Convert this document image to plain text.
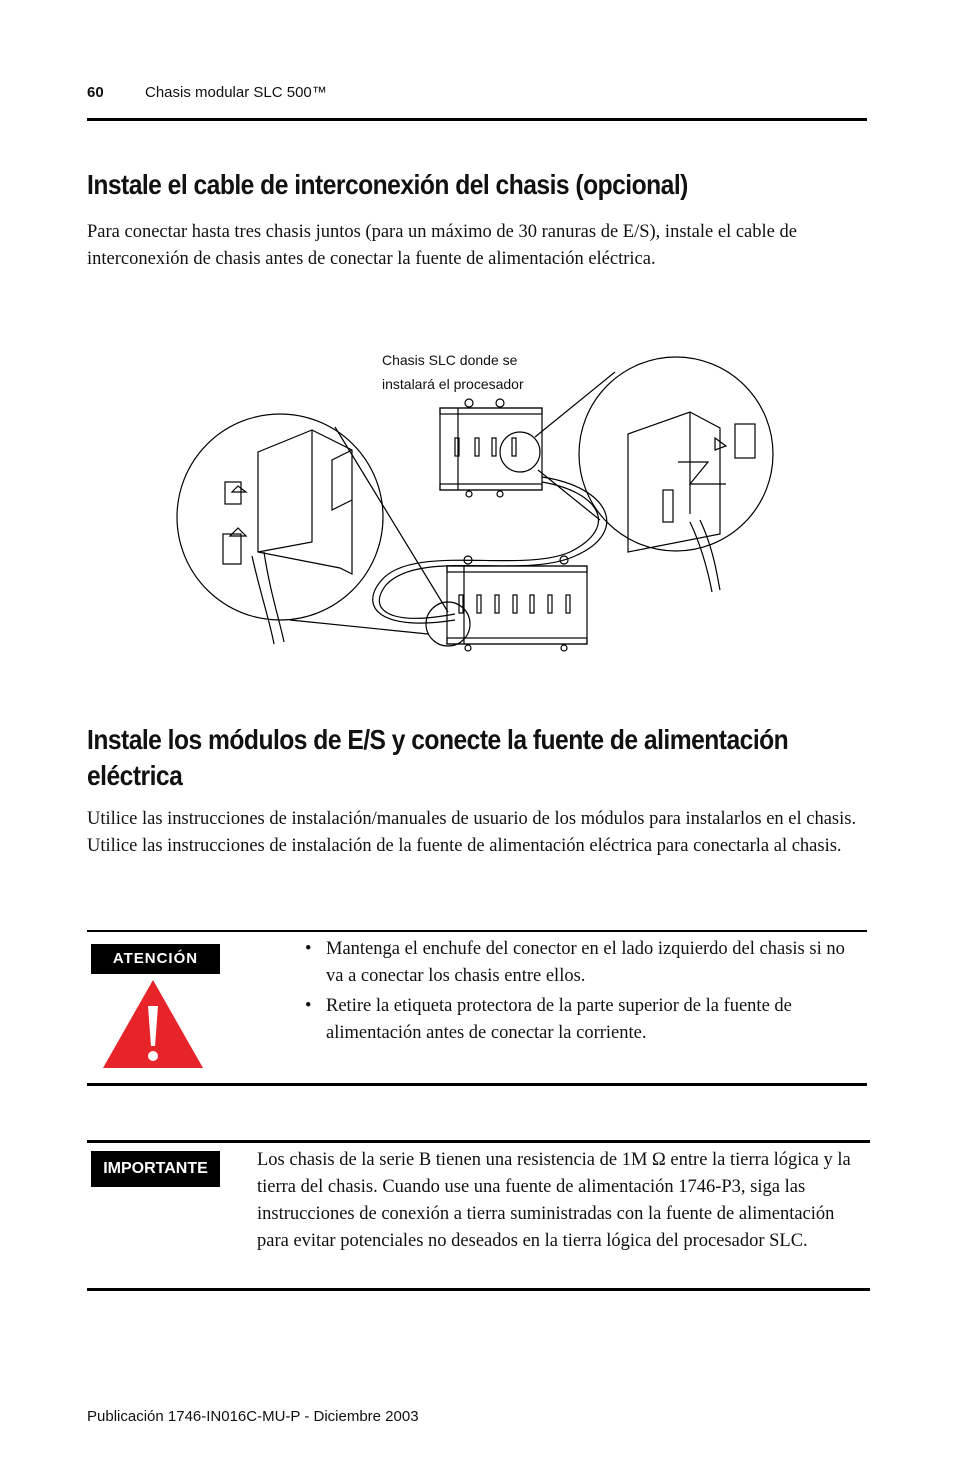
60	Chasis modular SLC 500™
Instale el cable de interconexión del chasis (opcional)
Para conectar hasta tres chasis juntos (para un máximo de 30 ranuras de E/S), instale el cable de interconexión de chasis antes de conectar la fuente de alimentación eléctrica.
Chasis SLC donde se
instalará el procesador
Instale los módulos de E/S y conecte la fuente de alimentación eléctrica
Utilice las instrucciones de instalación/manuales de usuario de los módulos para instalarlos en el chasis. Utilice las instrucciones de instalación de la fuente de alimentación eléctrica para conectarla al chasis.
ATENCIÓN	• Mantenga el enchufe del conector en el lado izquierdo del chasis si no va a conectar los chasis entre ellos.
• Retire la etiqueta protectora de la parte superior de la fuente de alimentación antes de conectar la corriente.
IMPORTANTE	Los chasis de la serie B tienen una resistencia de 1M Ω entre la tierra lógica y la tierra del chasis. Cuando use una fuente de alimentación 1746-P3, siga las instrucciones de conexión a tierra suministradas con la fuente de alimentación para evitar potenciales no deseados en la tierra lógica del procesador SLC.
Publicación 1746-IN016C-MU-P - Diciembre 2003
